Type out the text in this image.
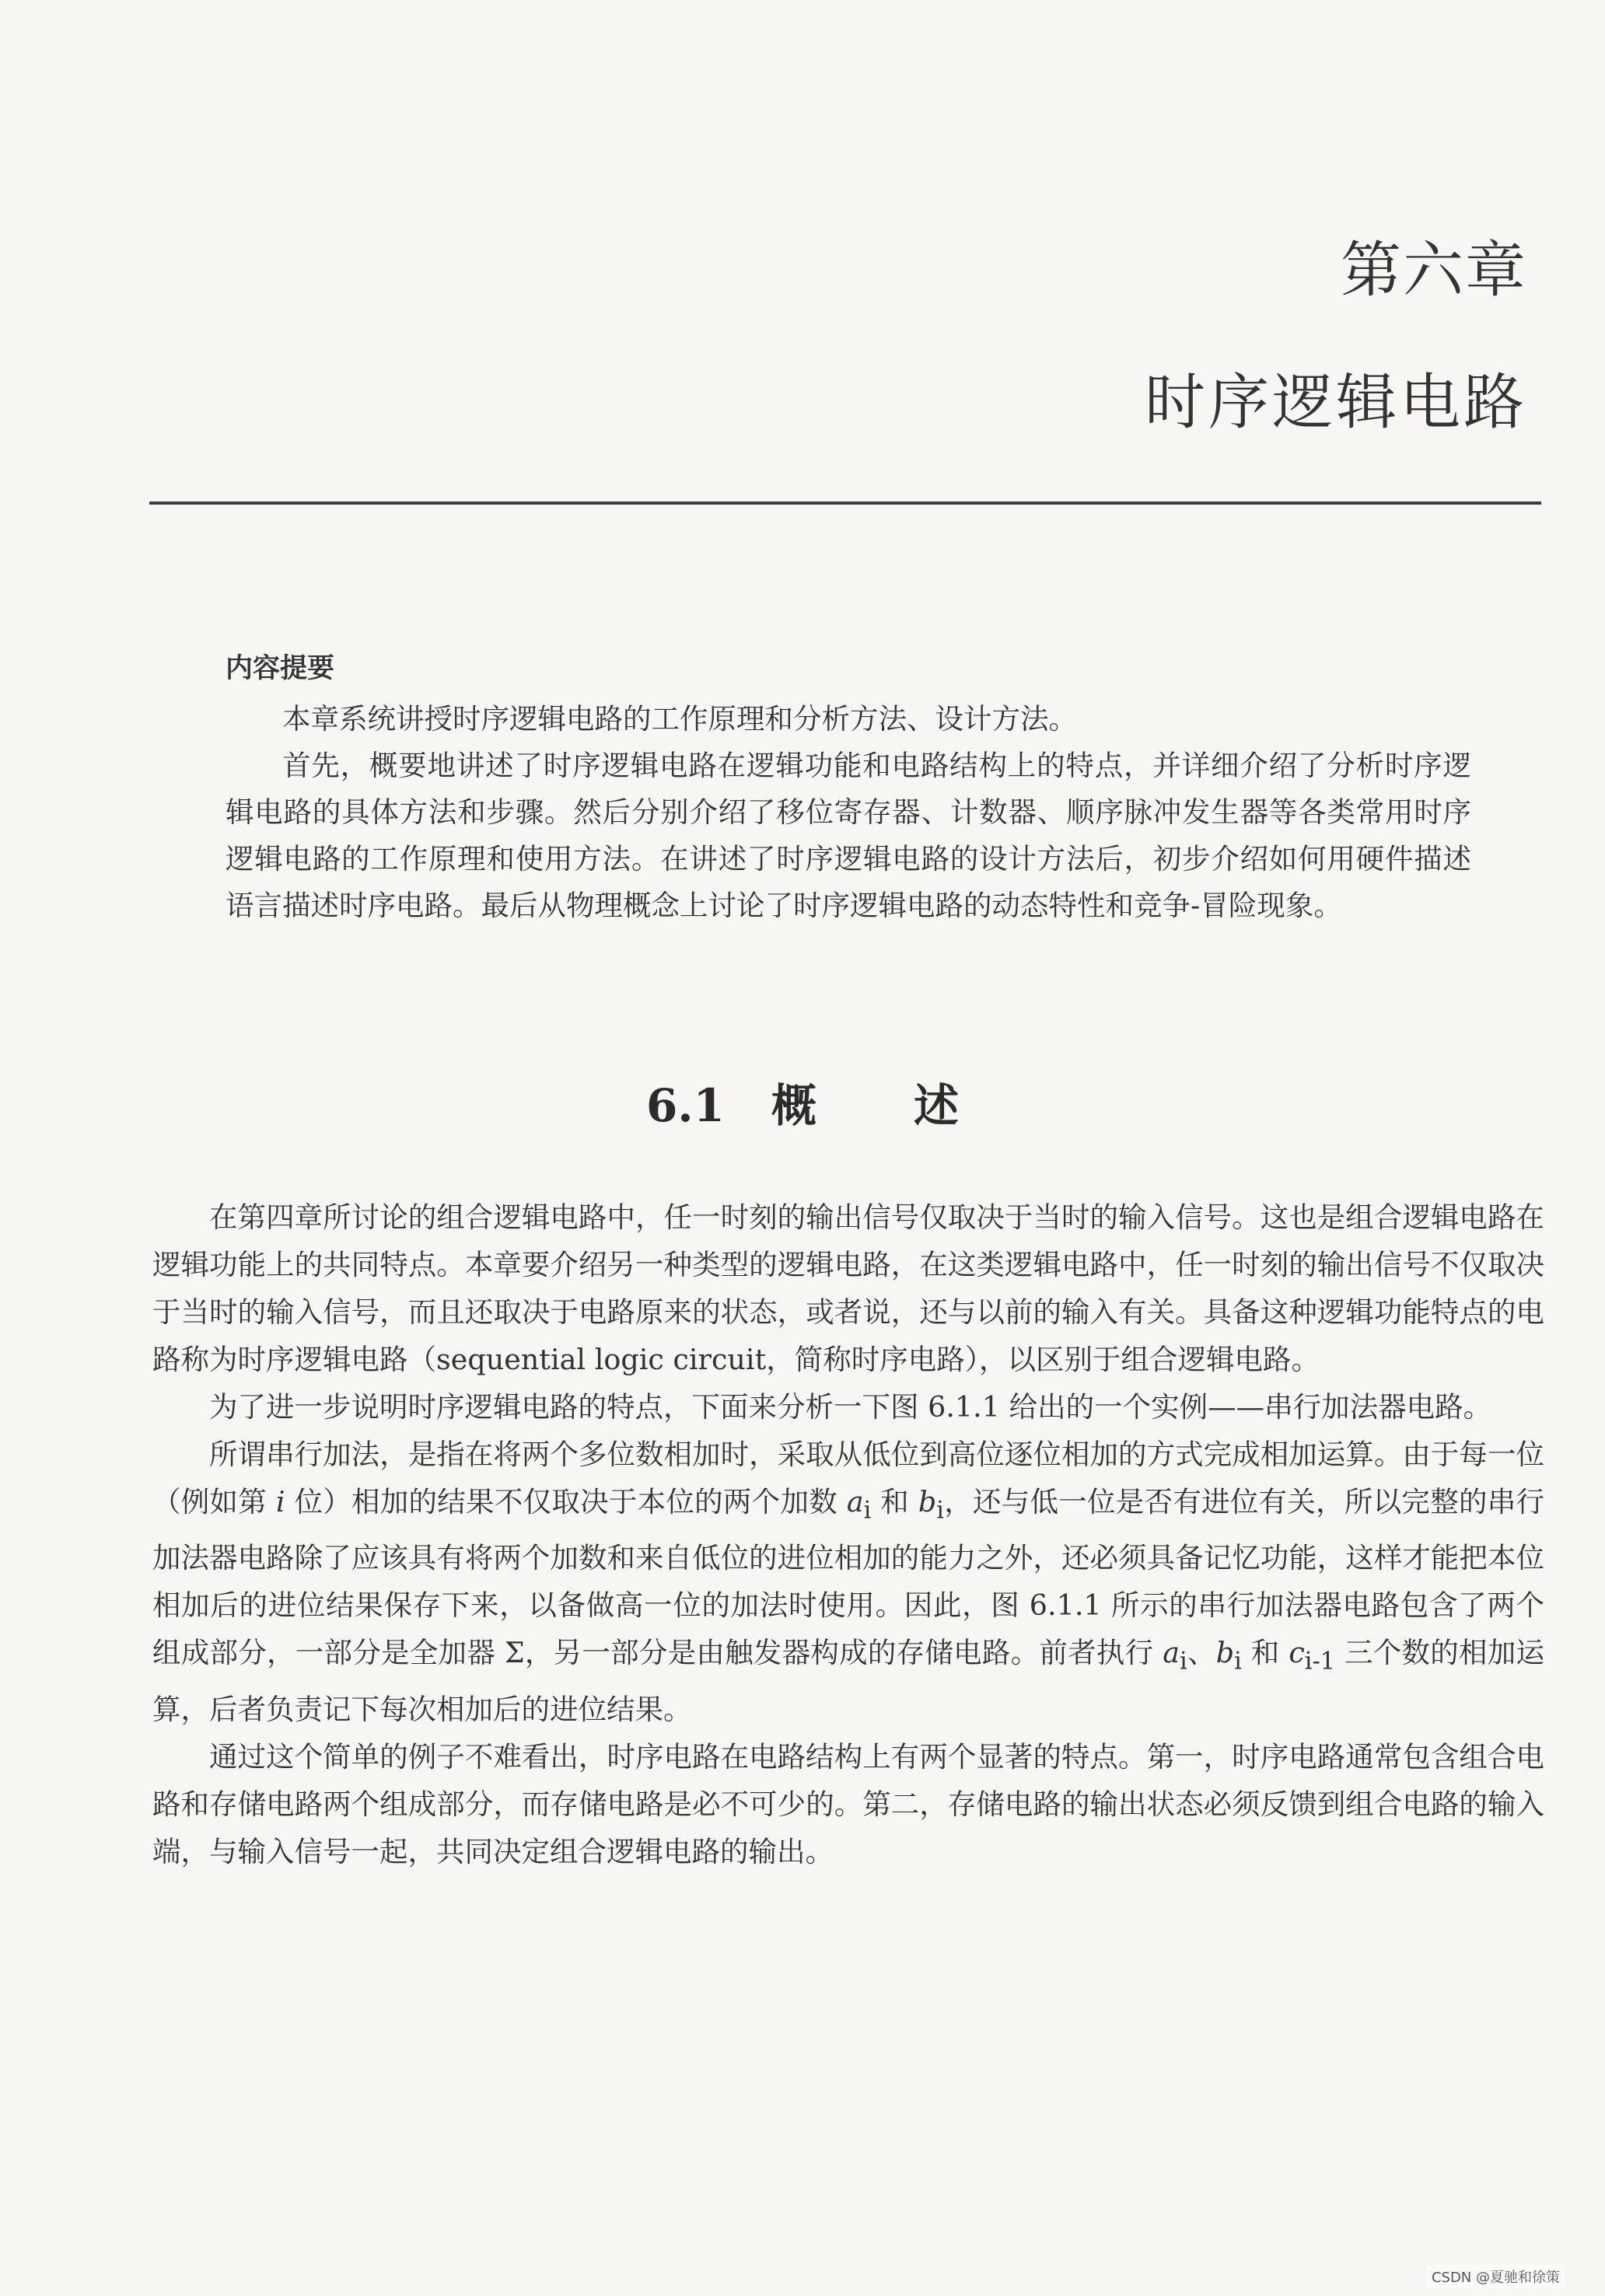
第六章
时序逻辑电路
内容提要

本章系统讲授时序逻辑电路的工作原理和分析方法、设计方法。

首先，概要地讲述了时序逻辑电路在逻辑功能和电路结构上的特点，并详细介绍了分析时序逻辑电路的具体方法和步骤。然后分别介绍了移位寄存器、计数器、顺序脉冲发生器等各类常用时序逻辑电路的工作原理和使用方法。在讲述了时序逻辑电路的设计方法后，初步介绍如何用硬件描述语言描述时序电路。最后从物理概念上讨论了时序逻辑电路的动态特性和竞争-冒险现象。

6.1 概 述

在第四章所讨论的组合逻辑电路中，任一时刻的输出信号仅取决于当时的输入信号。这也是组合逻辑电路在逻辑功能上的共同特点。本章要介绍另一种类型的逻辑电路，在这类逻辑电路中，任一时刻的输出信号不仅取决于当时的输入信号，而且还取决于电路原来的状态，或者说，还与以前的输入有关。具备这种逻辑功能特点的电路称为时序逻辑电路（sequential logic circuit，简称时序电路），以区别于组合逻辑电路。

为了进一步说明时序逻辑电路的特点，下面来分析一下图 6.1.1 给出的一个实例——串行加法器电路。

所谓串行加法，是指在将两个多位数相加时，采取从低位到高位逐位相加的方式完成相加运算。由于每一位（例如第 i 位）相加的结果不仅取决于本位的两个加数 $a_i$ 和 $b_i$，还与低一位是否有进位有关，所以完整的串行加法器电路除了应该具有将两个加数和来自低位的进位相加的能力之外，还必须具备记忆功能，这样才能把本位相加后的进位结果保存下来，以备做高一位的加法时使用。因此，图 6.1.1 所示的串行加法器电路包含了两个组成部分，一部分是全加器 Σ，另一部分是由触发器构成的存储电路。前者执行 $a_i$、$b_i$ 和 $c_{i-1}$ 三个数的相加运算，后者负责记下每次相加后的进位结果。

通过这个简单的例子不难看出，时序电路在电路结构上有两个显著的特点。第一，时序电路通常包含组合电路和存储电路两个组成部分，而存储电路是必不可少的。第二，存储电路的输出状态必须反馈到组合电路的输入端，与输入信号一起，共同决定组合逻辑电路的输出。

CSDN @夏驰和徐策
